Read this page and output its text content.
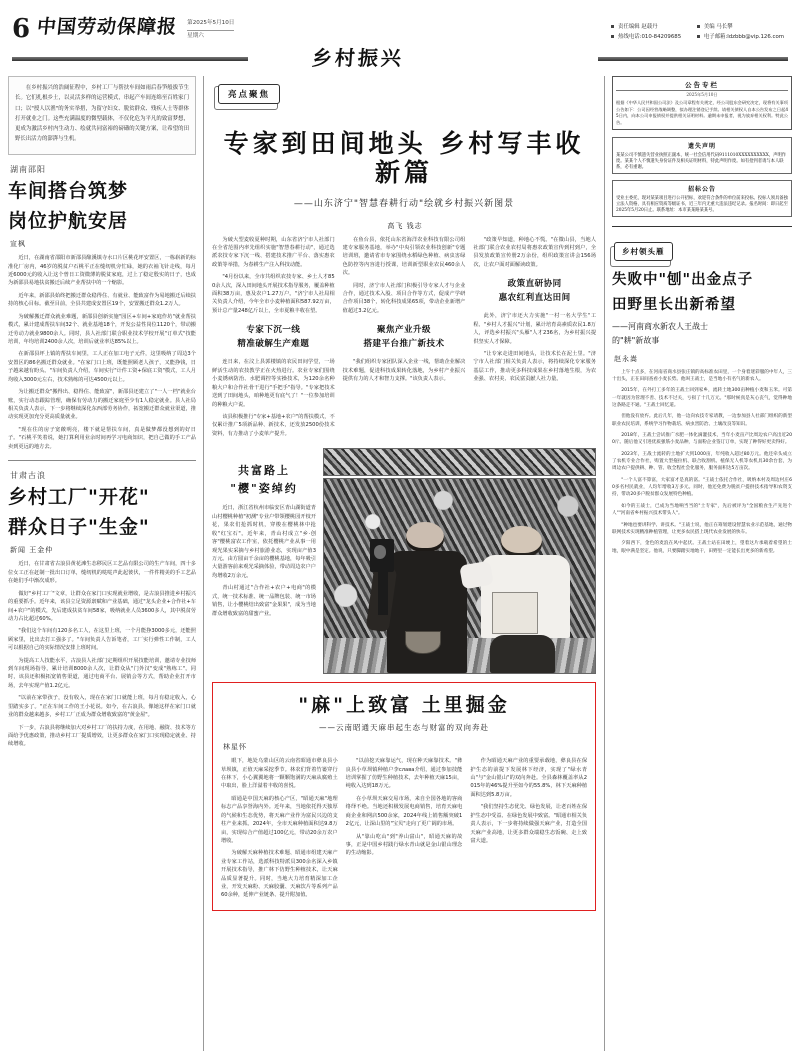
6 中国劳动保障报 第2025年5月10日
星期六
责任编辑 赵载丹
热线电话:010-84209685
美编 马长攀
电子邮箱:ldzbbb@vip.126.com
乡村振兴

在乡村振兴的浩阔征程中，乡村工厂与帮扶车间如雨后春笋般拔节生长。它们扎根乡土，以灵活多样的运营模式，串起产车间连绵至百姓家门口；以"授人以渔"的务实举措，为留守妇女、脱贫群众、残疾人士等群体打开就业之门。这些充满温度的微型载体，不仅化危为平凡的致富梦想，更成为激活乡村内生动力、绘就共同富裕的磅礴的关键方案，让希望的田野长出活力的澎湃与生机。

湖南邵阳
车间搭台筑梦
岗位护航安居
宣枫

近日，在湖南省邵阳市新邵县酿溪镇寺水口片区桃花坪安置区，一栋崭新的标准化厂房内，46岁的脱贫户石桃平正在缝纫机旁忙碌，她的衣袖飞针走线，每月近6000元的收入让这个曾日工资微薄的脱贫家庭，过上了稳定殷实的日子，也成为新邵县易地扶贫搬迁后续产业帮扶中的一个缩影。

近年来，新邵县始终把搬迁群众稳得住、有就业、能致富作为易地搬迁后续扶持的核心目标。截至目前，全县共建成安置区19个，安置搬迁群众1.2万人。

为破解搬迁群众就业难题，新邵县创新实施"园区+车间+家庭作坊"就业帮扶模式，累计建成帮扶车间32个、就业基地18个，开发公益性岗位1120个，带动搬迁劳动力就业9800余人。同时，县人社部门联合职业技术学校开展"订单式"技能培训，年均培训2400余人次，培训后就业率达85%以上。

在新邵县坪上镇的帮扶车间里，工人正在加工电子元件，这里吸纳了周边3个安置区的86名搬迁群众就业。"在家门口上班，既能照顾老人孩子，又能挣钱，日子越来越有盼头。"车间负责人介绍，车间实行"计件工资+保底工资"模式，工人月均收入3000元左右，技术熟练的可达4500元以上。

为让搬迁群众"搬得出、稳得住、能致富"，新邵县还建立了"一人一档"就业台账，实行动态跟踪管理，确保有劳动力的搬迁家庭至少有1人稳定就业。县人社局相关负责人表示，下一步将继续深化东西部劳务协作，拓宽搬迁群众就业渠道，推动实现更加充分更高质量就业。

"现在住的房子宽敞明亮，楼下就是帮扶车间，真是做梦都没想到的好日子。"石桃平笑着说，她打算利用业余时间再学习电商知识，把自己做的手工产品卖到更远的地方去。

甘肃古浪
乡村工厂"开花"
群众日子"生金"
新闻 王金仲

近日，在甘肃省古浪县黄花滩生态移民区工艺品有限公司的生产车间，四十多位女工正在赶制一批出口订单，缝纫机的哒哒声此起彼伏，一件件精美的手工艺品在她们手中渐次成形。

做好"乡村工厂"文章，让群众在家门口实现就业增收，是古浪县推进乡村振兴的重要抓手。近年来，该县立足资源禀赋和产业基础，通过"龙头企业+合作社+车间+农户"的模式，先后建成扶贫车间58家，吸纳就业人员3600多人，其中脱贫劳动力占比超过60%。

"我们这个车间有120多名工人，在这里上班，一个月能挣3000多元，还能照顾家里，比出去打工强多了。"车间负责人告诉笔者，工厂实行弹性工作制，工人可以根据自己的实际情况安排上班时间。

为提高工人技能水平，古浪县人社部门定期组织开展技能培训，邀请专业技师到车间现场指导，累计培训8000余人次，让群众从"门外汉"变成"熟练工"。同时，该县还积极拓宽销售渠道，通过电商平台、展销会等方式，帮助企业打开市场，去年实现产值1.2亿元。

"以前在家带孩子，没有收入，现在在家门口就能上班，每月有稳定收入，心里踏实多了。"正在车间工作的王小花说。如今，在古浪县，像她这样在家门口就业的群众越来越多，乡村工厂正成为群众增收致富的"黄金屋"。

下一步，古浪县将继续加大对乡村工厂的扶持力度，在用地、融资、技术等方面给予优惠政策，推动乡村工厂提质增效，让更多群众在家门口实现稳定就业、持续增收。

亮点聚焦
专家到田间地头 乡村写丰收新篇
——山东济宁"智慧春耕行动"绘就乡村振兴新图景
高飞 钱志

为破大型麦收夏种时期，山东省济宁市人社部门在全省范围内率先组织实施"智慧春耕行动"，通过选派农技专家下沉一线、搭建技术推广平台、落实惠农政策等举措，为春耕生产注入科技动能。

"4月份以来，全市共组织农技专家、乡土人才850余人次，深入田间地头开展技术指导服务，覆盖种植面积38万亩，惠及农户1.27万户。"济宁市人社局相关负责人介绍，今年全市小麦种植面积587.92万亩，预计总产量248亿斤以上，全市夏粮丰收在望。

专家下沉一线
精准破解生产难题

连日来，在汶上县郭楼镇的农民田间学堂，一场鲜活生动的农技教学正在火热进行。农业专家们围绕小麦锈病防治、水肥调控等实操技术，为120余名种粮大户和合作社骨干进行"手把手"指导。"专家把技术送到了田间地头，咱种地更有底气了！"一位参加培训的种粮大户说。

该县积极推行"专家+基地+农户"的帮扶模式，不仅累计推广5项新品种、新技术，还发放2500份技术资料，有力推动了小麦单产提升。

在鱼台县，依托山东省海洋农业科技有限公司组建专家服务基地，举办"中央引领农业科技创新"专题培训班，邀请省市专家围绕水稻绿色种植、病虫害绿色防控等内容进行授课，培训新型职业农民460余人次。

同时，济宁市人社部门积极引导专家人才与企业合作，通过技术入股、项目合作等方式，促成产学研合作项目38个，转化科技成果65项，带动企业新增产值超过3.2亿元。

聚焦产业升级
搭建平台推广新技术

"我们组织专家团队深入企业一线，帮助企业解决技术难题，促进科技成果转化落地，为乡村产业振兴提供有力的人才和智力支撑。"该负责人表示。

"政策早知道，种地心不慌。"在微山县，当地人社部门联合农业农村局将惠农政策宣传到村到户，全县发放政策宣传册2万余份，组织政策宣讲会156场次，让农户面对面解读政策。

政策直研协同
惠农红利直达田间

此外，济宁市还大力实施"一村一名大学生"工程、"乡村人才振兴"计划，累计培育高素质农民1.8万人，评选乡村振兴"头雁"人才236名，为乡村振兴提供坚实人才保障。

"让专家走进田间地头，让技术长在泥土里。"济宁市人社部门相关负责人表示，将持续深化专家服务基层工作，推动更多科技成果在乡村落地生根，为农业强、农村美、农民富贡献人社力量。

共富路上
"樱"姿绰约

近日，浙江省杭州市临安区青山湖街道青山村樱桃种植"初测"专业户带领樱桃园开枝开花，果农们抢抓时机，穿梭在樱桃林中抢收"红宝石"。近年来，青山村成立"乡·创客"樱桃富农工作室，依托樱桃产业从事一用观光果实采摘与乡村旅游业态，实现亩产值3万元。由方圆亩千余亩的樱桃基地，每年吸引大量游客前来观光采摘体验，带动周边农户户均增收2万余元。

青山村通过"合作社+农户+电商"的模式，统一技术标准、统一品牌包装、统一市场销售，让小樱桃结出致富"金果果"，成为当地群众增收致富的甜蜜产业。

"麻"上致富 土里掘金
——云南昭通天麻串起生态与财富的双向奔赴
林星怀

眼下，地处乌蒙山区的云南省昭通市彝良县小草坝镇，正值天麻采挖季节。林农们背着竹篓穿行在林下，小心翼翼地将一颗颗饱满的天麻从腐殖土中取出，脸上洋溢着丰收的喜悦。

昭通是中国天麻的核心产区，"昭通天麻"地理标志产品享誉海内外。近年来，当地依托得天独厚的气候和生态优势，将天麻产业作为富民兴边的支柱产业来抓。2024年，全市天麻种植面积达9.8万亩，实现综合产值超过100亿元，带动20余万农户增收。

为破解天麻种植技术难题、昭通市组建天麻产业专家工作站，选派科技特派员300余名深入乡镇开展技术指导，推广林下仿野生种植技术，让天麻品质显著提升。同时，当地大力培育精深加工企业，开发天麻粉、天麻胶囊、天麻饮片等系列产品60余种，延伸产业链条、提升附加值。

"以前挖天麻靠运气，现在种天麻靠技术。"彝良县小草坝镇种植户李славa介绍，通过参加技能培训掌握了仿野生种植技术，去年种植天麻15亩，纯收入达到18万元。

在小草坝天麻交易市场，来自全国各地的客商络绎不绝。当地还积极发展电商销售，培育天麻电商企业和网店500余家，2024年线上销售额突破12亿元，让深山里的"宝贝"走向了更广阔的市场。

从"靠山吃山"到"养山富山"，昭通天麻的故事，正是中国乡村践行绿水青山就是金山银山理念的生动缩影。

作为昭通天麻产业的重要承载地，彝良县在保护生态的前提下发展林下经济，实现了"绿水青山"与"金山银山"的双向奔赴。全县森林覆盖率从2015年的46%提升至如今的55.8%，林下天麻种植面积达到5.8万亩。

"我们坚持生态优先、绿色发展，让老百姓在保护生态中受益、在绿色发展中致富。"昭通市相关负责人表示，下一步将持续做强天麻产业，打造全国天麻产业高地，让更多群众端稳生态饭碗、走上致富大道。

公告专栏
2025年5月10日
根据《中华人民共和国公司法》及公司章程有关规定，经公司股东会研究决定，现将有关事项公告如下：公司因经营战略调整，拟办理注销登记手续。请相关债权人自本公告发布之日起45日内，向本公司申报债权并提供相关证明材料。逾期未申报者，视为放弃相关权利。特此公告。
遗失声明
某某公司不慎遗失营业执照正副本，统一社会信用代码9111010XXXXXXXXXX，声明作废。某某个人不慎遗失身份证件及相关证明材料，特此声明作废。如有拾到者请与本人联系，必有重谢。
招标公告
受业主委托，现对某某项目进行公开招标，欢迎符合条件的单位前来投标。投标人须具备独立法人资格，具有相应资质等级证书，近三年内无重大违法违纪记录。报名时间：即日起至2025年5月20日止。联系地址：本市某某路某某号。
乡村领头雁
失败中"刨"出金点子
田野里长出新希望
——河南商水新农人王战士
的"耕"新故事
赵永嵩

上午十点多，在河南省商水县张庄镇的高标准农田里，一个身着迷彩服的中年人，三十出头，正在田间查看小麦长势。他叫王战士，是当地小有名气的新农人。

2015年，在外打工多年的王战士回到家乡，流转土地300亩种植小麦和玉米。可第一年就因为管理不善、技术不过关，亏损了十几万元。"那时候真是灰心丧气，觉得种地这条路走不通。"王战士回忆道。

但他没有放弃。此后几年，他一边向农技专家请教，一边参加县人社部门组织的新型职业农民培训，系统学习作物栽培、病虫害防治、土壤改良等知识。

2018年，王战士尝试推广水肥一体化滴灌技术，当年小麦亩产比周边农户高出近200斤。随后他又引进优质强筋小麦品种，与面粉企业签订订单，实现了种得好更卖得好。

2023年，王战士流转的土地扩大到1000亩，年纯收入超过80万元。他还牵头成立了农机专业合作社，购置大型拖拉机、联合收割机、植保无人机等农机具30余台套，为周边农户提供耕、种、管、收全程社会化服务，服务面积达5万亩次。

"一个人富不算富，大家富才是真的富。"王战士依托合作社，吸纳本村及周边村庄60多名村民就业，人均年增收3万多元。同时，他还免费为脱贫户提供技术指导和农资支持，带动20多户脱贫群众发展特色种植。

如今的王战士，已成为当地响当当的"土专家"，先后被评为"全国粮食生产先进个人""河南省乡村振兴技术带头人"。

"种地也要讲科学、讲技术。"王战士说，他正在筹划建设智慧农业示范基地，通过物联网技术实现精准种植管理，让更多农民搭上现代农业发展的快车。

夕阳西下，金色的麦浪在风中起伏。王战士站在田埂上，望着这片承载着希望的土地，眼中满是坚定。他说，只要脚踏实地地干，田野里一定能长出更多的新希望。
